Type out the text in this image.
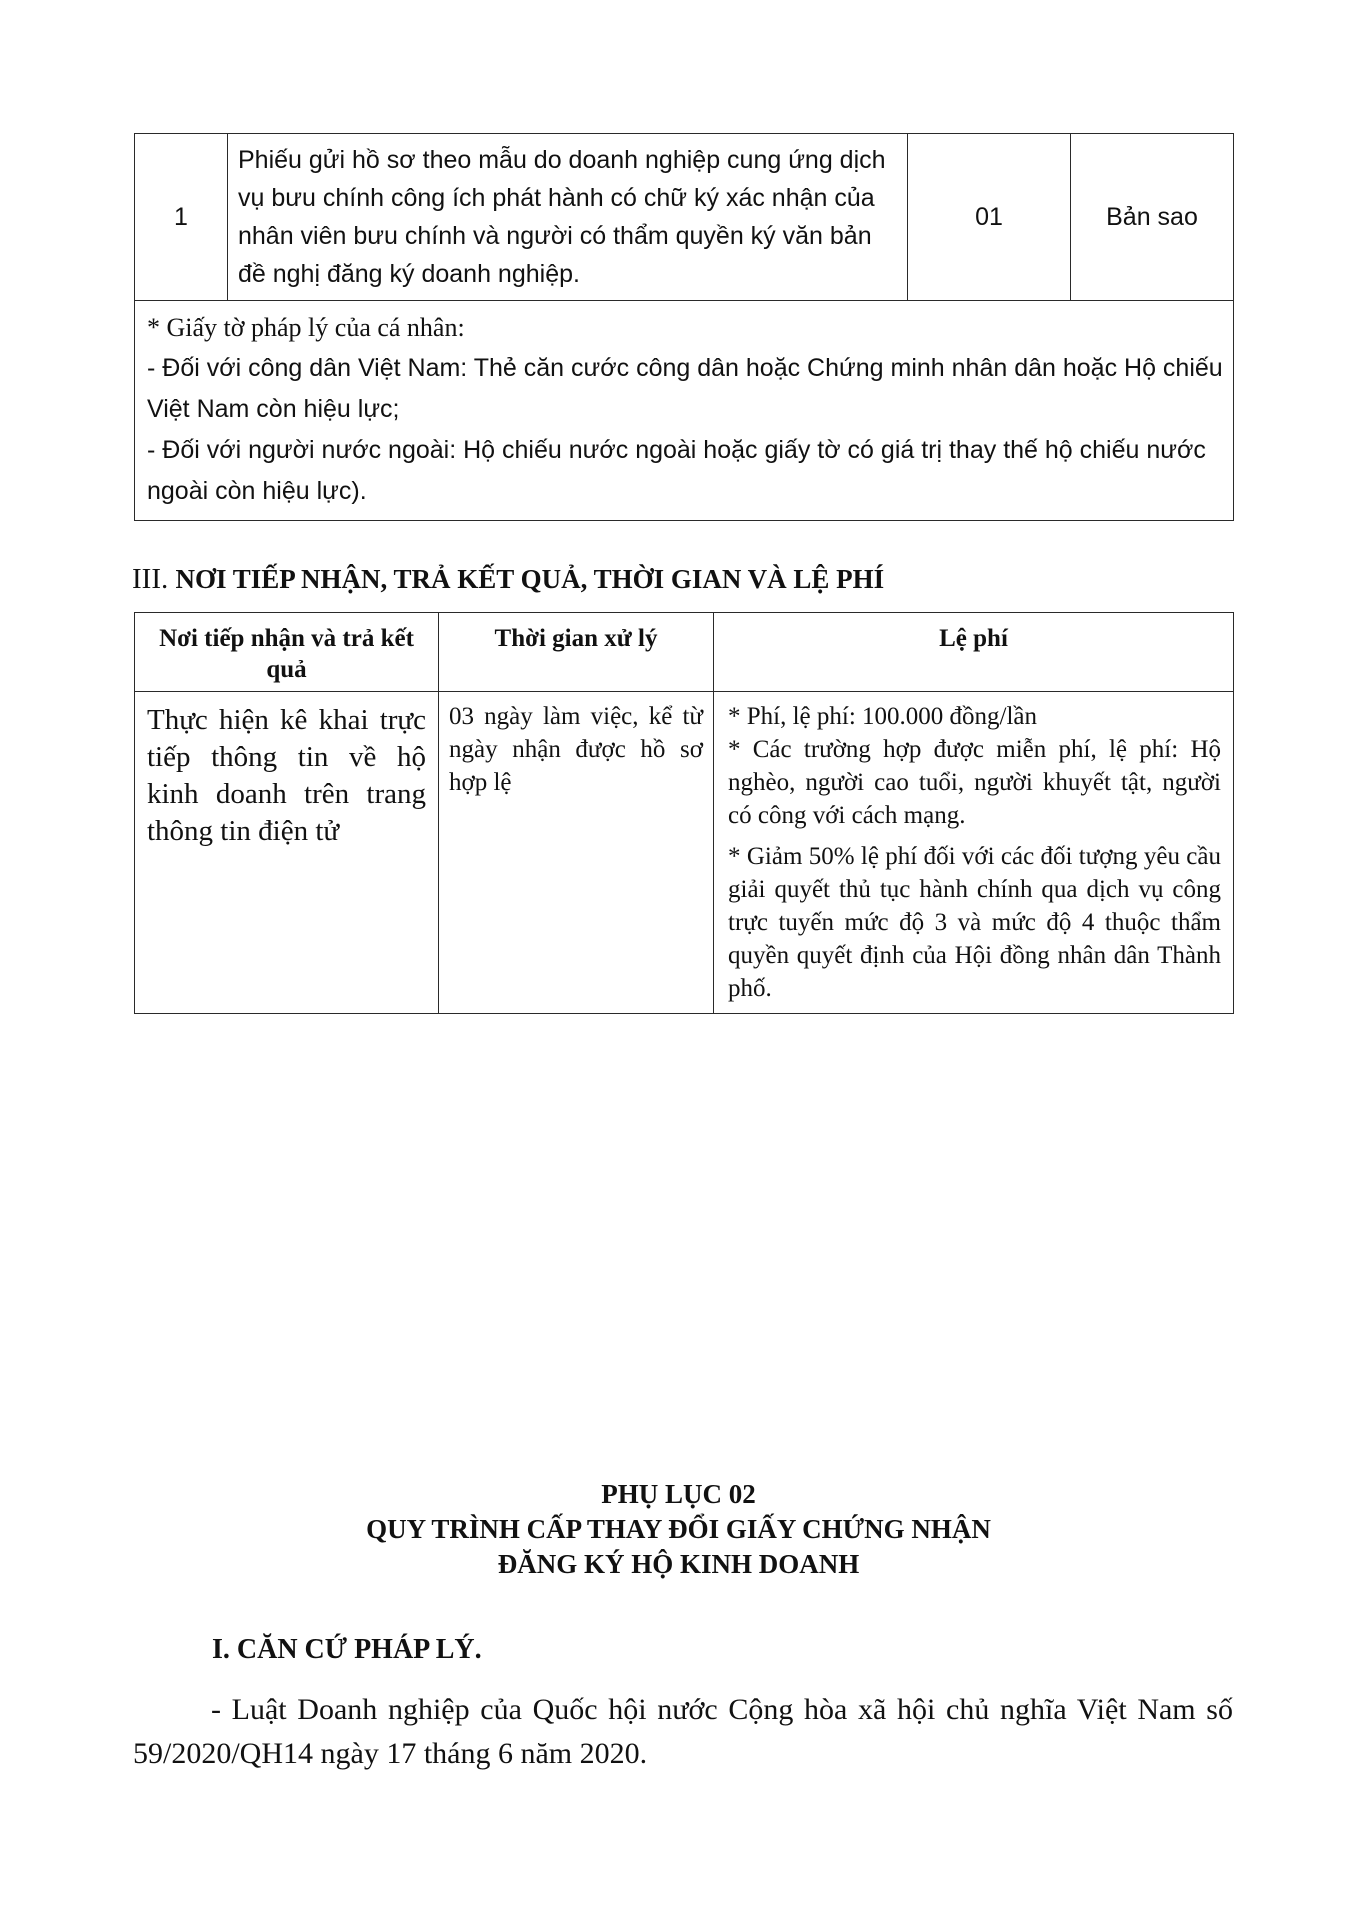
1	Phiếu gửi hồ sơ theo mẫu do doanh nghiệp cung ứng dịch vụ bưu chính công ích phát hành có chữ ký xác nhận của nhân viên bưu chính và người có thẩm quyền ký văn bản đề nghị đăng ký doanh nghiệp.	01	Bản sao

* Giấy tờ pháp lý của cá nhân:
- Đối với công dân Việt Nam: Thẻ căn cước công dân hoặc Chứng minh nhân dân hoặc Hộ chiếu Việt Nam còn hiệu lực;
- Đối với người nước ngoài: Hộ chiếu nước ngoài hoặc giấy tờ có giá trị thay thế hộ chiếu nước ngoài còn hiệu lực).
III. NƠI TIẾP NHẬN, TRẢ KẾT QUẢ, THỜI GIAN VÀ LỆ PHÍ
Nơi tiếp nhận và trả kết quả	Thời gian xử lý	Lệ phí
Thực hiện kê khai trực tiếp thông tin về hộ kinh doanh trên trang thông tin điện tử	03 ngày làm việc, kể từ ngày nhận được hồ sơ hợp lệ	* Phí, lệ phí: 100.000 đồng/lần

* Các trường hợp được miễn phí, lệ phí: Hộ nghèo, người cao tuổi, người khuyết tật, người có công với cách mạng.

* Giảm 50% lệ phí đối với các đối tượng yêu cầu giải quyết thủ tục hành chính qua dịch vụ công trực tuyến mức độ 3 và mức độ 4 thuộc thẩm quyền quyết định của Hội đồng nhân dân Thành phố.

PHỤ LỤC 02
QUY TRÌNH CẤP THAY ĐỔI GIẤY CHỨNG NHẬN
ĐĂNG KÝ HỘ KINH DOANH
I. CĂN CỨ PHÁP LÝ.

- Luật Doanh nghiệp của Quốc hội nước Cộng hòa xã hội chủ nghĩa Việt Nam số 59/2020/QH14 ngày 17 tháng 6 năm 2020.
